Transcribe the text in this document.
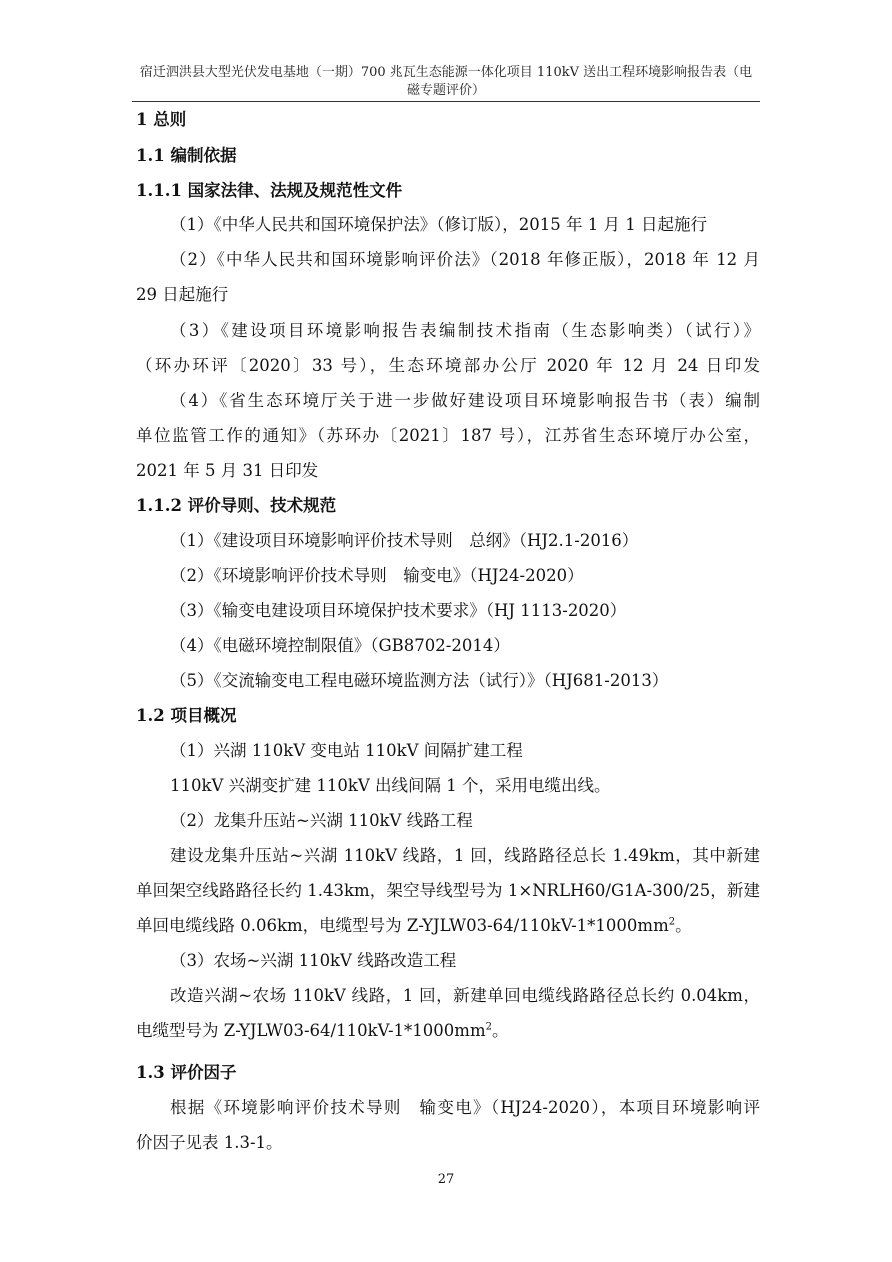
宿迁泗洪县大型光伏发电基地（一期）700 兆瓦生态能源一体化项目 110kV 送出工程环境影响报告表（电
磁专题评价）
1 总则
1.1 编制依据
1.1.1 国家法律、法规及规范性文件
（1）《中华人民共和国环境保护法》（修订版），2015 年 1 月 1 日起施行
（2）《中华人民共和国环境影响评价法》（2018 年修正版），2018 年 12 月
29 日起施行
（3）《建设项目环境影响报告表编制技术指南（生态影响类）（试行）》
（环办环评〔2020〕33 号），生态环境部办公厅 2020 年 12 月 24 日印发
（4）《省生态环境厅关于进一步做好建设项目环境影响报告书（表）编制
单位监管工作的通知》（苏环办〔2021〕187 号），江苏省生态环境厅办公室，
2021 年 5 月 31 日印发
1.1.2 评价导则、技术规范
（1）《建设项目环境影响评价技术导则　总纲》（HJ2.1-2016）
（2）《环境影响评价技术导则　输变电》（HJ24-2020）
（3）《输变电建设项目环境保护技术要求》（HJ 1113-2020）
（4）《电磁环境控制限值》（GB8702-2014）
（5）《交流输变电工程电磁环境监测方法（试行）》（HJ681-2013）
1.2 项目概况
（1）兴湖 110kV 变电站 110kV 间隔扩建工程
110kV 兴湖变扩建 110kV 出线间隔 1 个，采用电缆出线。
（2）龙集升压站~兴湖 110kV 线路工程
建设龙集升压站~兴湖 110kV 线路，1 回，线路路径总长 1.49km，其中新建
单回架空线路路径长约 1.43km，架空导线型号为 1×NRLH60/G1A-300/25，新建
单回电缆线路 0.06km，电缆型号为 $Z-YJLW03-64/110kV-1*1000mm^2$。
（3）农场~兴湖 110kV 线路改造工程
改造兴湖~农场 110kV 线路，1 回，新建单回电缆线路路径总长约 0.04km，
电缆型号为 $Z-YJLW03-64/110kV-1*1000mm^2$。
1.3 评价因子
根据《环境影响评价技术导则　输变电》（HJ24-2020），本项目环境影响评
价因子见表 1.3-1。
27
